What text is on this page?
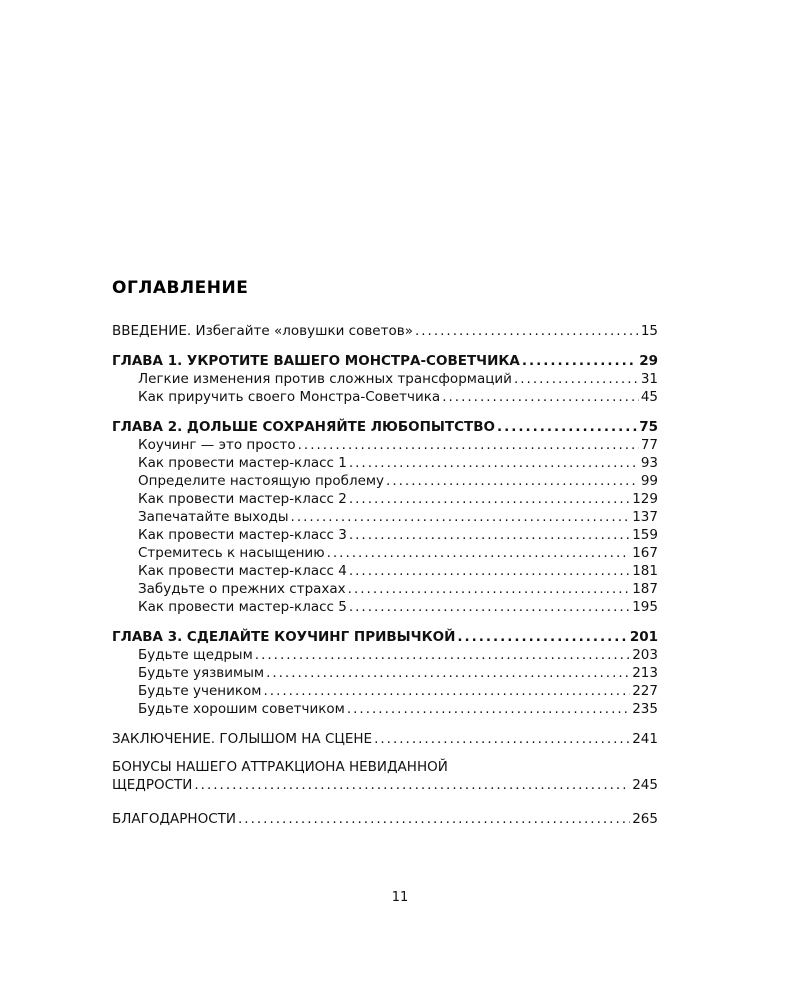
ОГЛАВЛЕНИЕ
ВВЕДЕНИЕ. Избегайте «ловушки советов» .....	15
ГЛАВА 1. УКРОТИТЕ ВАШЕГО МОНСТРА-СОВЕТЧИКА .....	29
Легкие изменения против сложных трансформаций .....	31
Как приручить своего Монстра-Советчика .....	45
ГЛАВА 2. ДОЛЬШЕ СОХРАНЯЙТЕ ЛЮБОПЫТСТВО .....	75
Коучинг — это просто .....	77
Как провести мастер-класс 1 .....	93
Определите настоящую проблему .....	99
Как провести мастер-класс 2 .....	129
Запечатайте выходы .....	137
Как провести мастер-класс 3 .....	159
Стремитесь к насыщению .....	167
Как провести мастер-класс 4 .....	181
Забудьте о прежних страхах .....	187
Как провести мастер-класс 5 .....	195
ГЛАВА 3. СДЕЛАЙТЕ КОУЧИНГ ПРИВЫЧКОЙ .....	201
Будьте щедрым .....	203
Будьте уязвимым .....	213
Будьте учеником .....	227
Будьте хорошим советчиком .....	235
ЗАКЛЮЧЕНИЕ. ГОЛЫШОМ НА СЦЕНЕ .....	241
БОНУСЫ НАШЕГО АТТРАКЦИОНА НЕВИДАННОЙ
ЩЕДРОСТИ .....	245
БЛАГОДАРНОСТИ .....	265
11
